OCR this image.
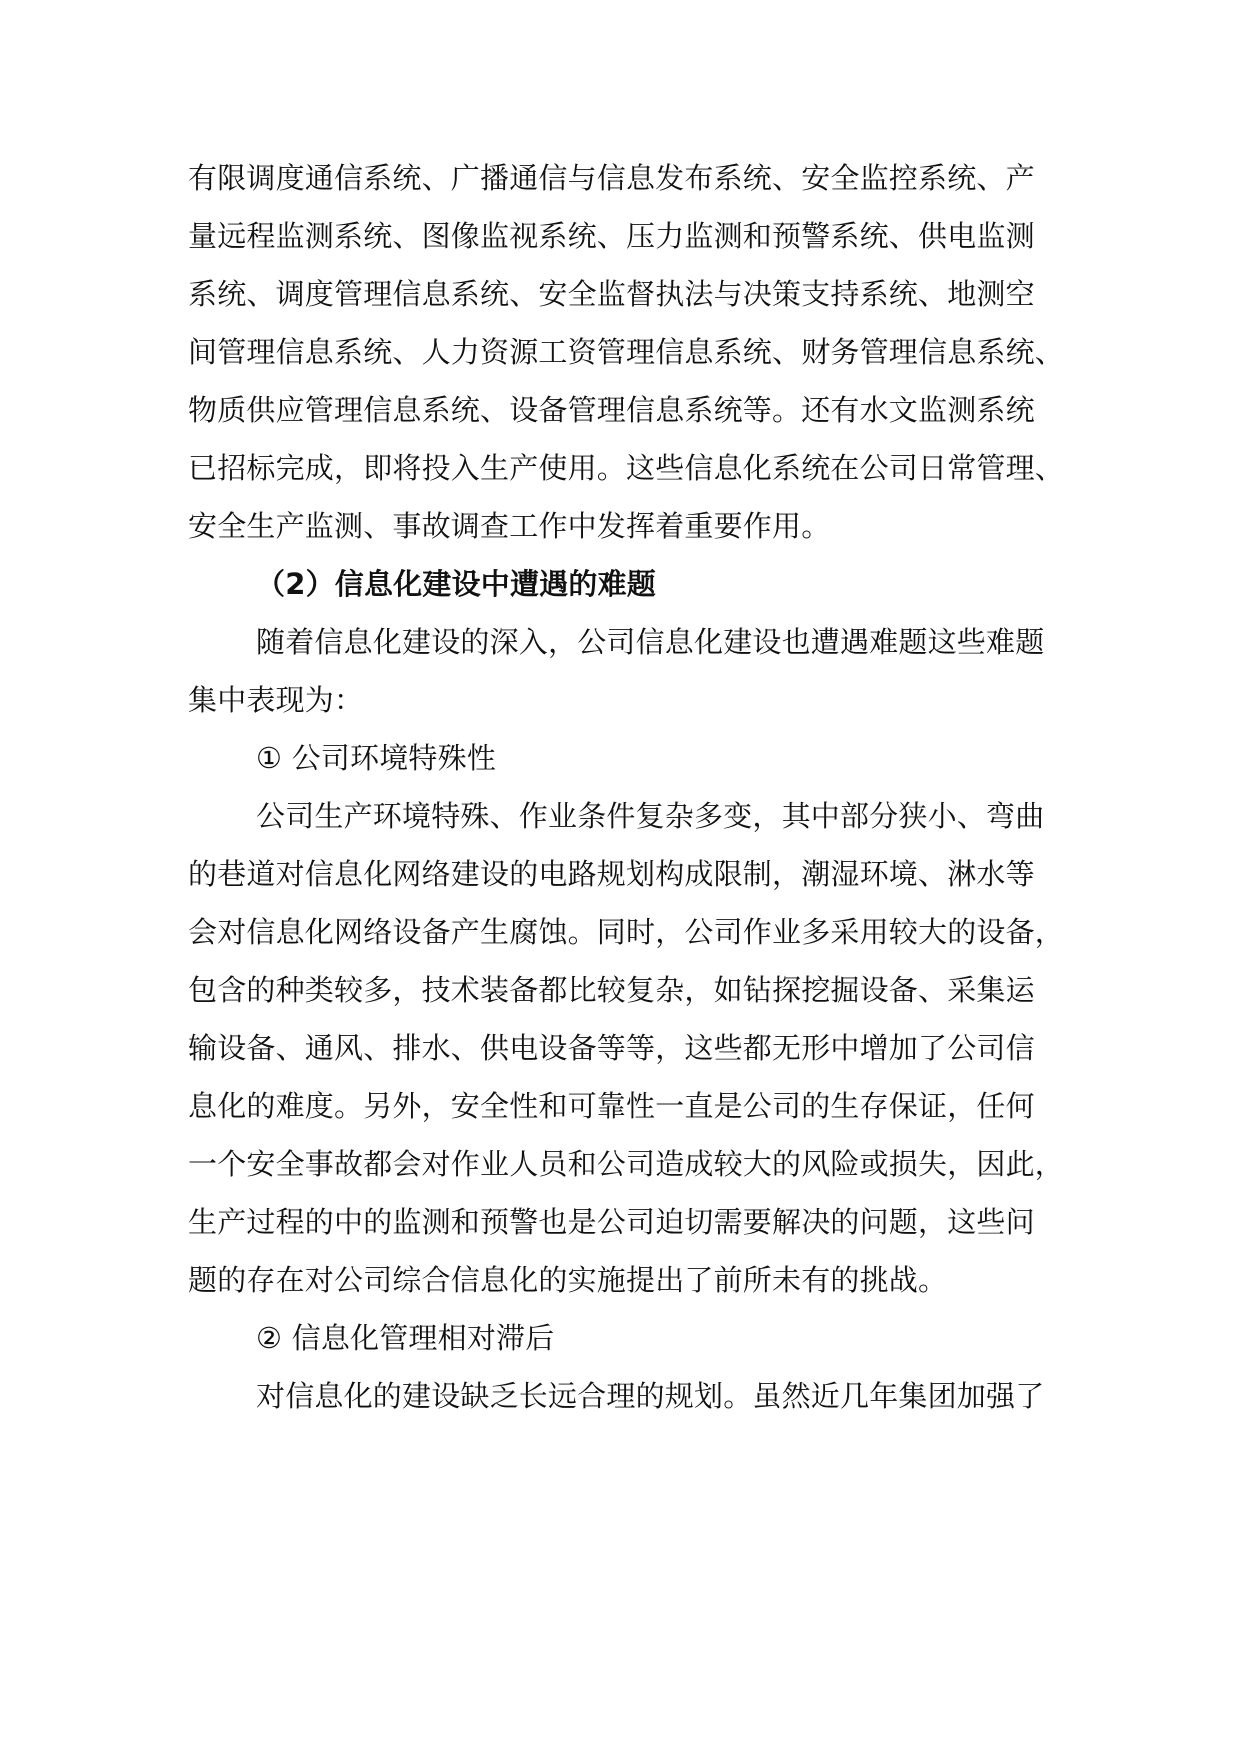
有限调度通信系统、广播通信与信息发布系统、安全监控系统、产
量远程监测系统、图像监视系统、压力监测和预警系统、供电监测
系统、调度管理信息系统、安全监督执法与决策支持系统、地测空
间管理信息系统、人力资源工资管理信息系统、财务管理信息系统、
物质供应管理信息系统、设备管理信息系统等。还有水文监测系统
已招标完成，即将投入生产使用。这些信息化系统在公司日常管理、
安全生产监测、事故调查工作中发挥着重要作用。
（2）信息化建设中遭遇的难题
随着信息化建设的深入，公司信息化建设也遭遇难题这些难题
集中表现为：
① 公司环境特殊性
公司生产环境特殊、作业条件复杂多变，其中部分狭小、弯曲
的巷道对信息化网络建设的电路规划构成限制，潮湿环境、淋水等
会对信息化网络设备产生腐蚀。同时，公司作业多采用较大的设备，
包含的种类较多，技术装备都比较复杂，如钻探挖掘设备、采集运
输设备、通风、排水、供电设备等等，这些都无形中增加了公司信
息化的难度。另外，安全性和可靠性一直是公司的生存保证，任何
一个安全事故都会对作业人员和公司造成较大的风险或损失，因此，
生产过程的中的监测和预警也是公司迫切需要解决的问题，这些问
题的存在对公司综合信息化的实施提出了前所未有的挑战。
② 信息化管理相对滞后
对信息化的建设缺乏长远合理的规划。虽然近几年集团加强了
